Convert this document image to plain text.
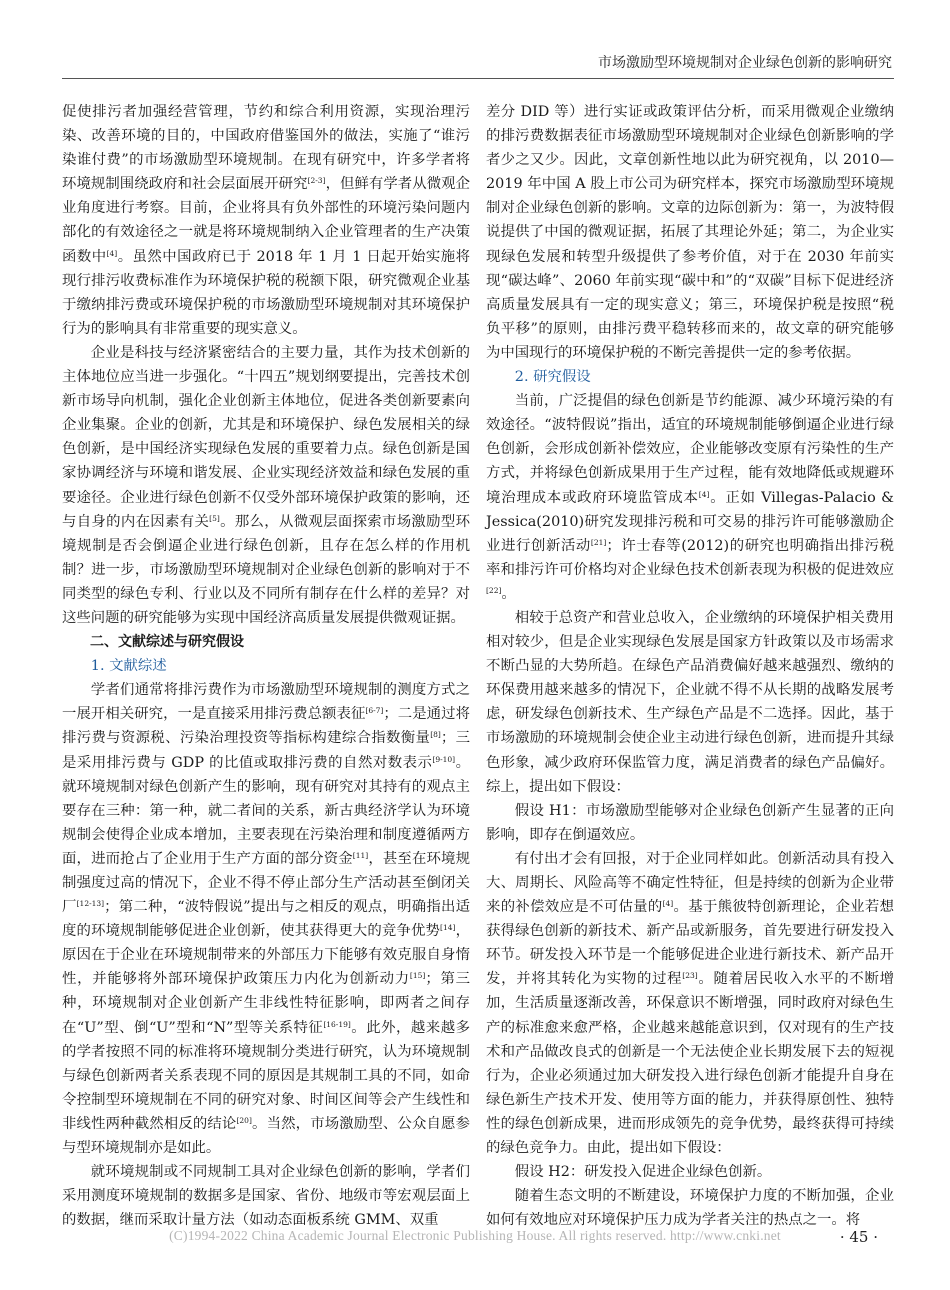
市场激励型环境规制对企业绿色创新的影响研究

促使排污者加强经营管理，节约和综合利用资源，实现治理污染、改善环境的目的，中国政府借鉴国外的做法，实施了“谁污染谁付费”的市场激励型环境规制。在现有研究中，许多学者将环境规制围绕政府和社会层面展开研究[2-3]，但鲜有学者从微观企业角度进行考察。目前，企业将具有负外部性的环境污染问题内部化的有效途径之一就是将环境规制纳入企业管理者的生产决策函数中[4]。虽然中国政府已于 2018 年 1 月 1 日起开始实施将现行排污收费标准作为环境保护税的税额下限，研究微观企业基于缴纳排污费或环境保护税的市场激励型环境规制对其环境保护行为的影响具有非常重要的现实意义。

企业是科技与经济紧密结合的主要力量，其作为技术创新的主体地位应当进一步强化。“十四五”规划纲要提出，完善技术创新市场导向机制，强化企业创新主体地位，促进各类创新要素向企业集聚。企业的创新，尤其是和环境保护、绿色发展相关的绿色创新，是中国经济实现绿色发展的重要着力点。绿色创新是国家协调经济与环境和谐发展、企业实现经济效益和绿色发展的重要途径。企业进行绿色创新不仅受外部环境保护政策的影响，还与自身的内在因素有关[5]。那么，从微观层面探索市场激励型环境规制是否会倒逼企业进行绿色创新，且存在怎么样的作用机制？进一步，市场激励型环境规制对企业绿色创新的影响对于不同类型的绿色专利、行业以及不同所有制存在什么样的差异？对这些问题的研究能够为实现中国经济高质量发展提供微观证据。

二、文献综述与研究假设

1. 文献综述

学者们通常将排污费作为市场激励型环境规制的测度方式之一展开相关研究，一是直接采用排污费总额表征[6-7]；二是通过将排污费与资源税、污染治理投资等指标构建综合指数衡量[8]；三是采用排污费与 GDP 的比值或取排污费的自然对数表示[9-10]。就环境规制对绿色创新产生的影响，现有研究对其持有的观点主要存在三种：第一种，就二者间的关系，新古典经济学认为环境规制会使得企业成本增加，主要表现在污染治理和制度遵循两方面，进而抢占了企业用于生产方面的部分资金[11]，甚至在环境规制强度过高的情况下，企业不得不停止部分生产活动甚至倒闭关厂[12-13]；第二种，“波特假说”提出与之相反的观点，明确指出适度的环境规制能够促进企业创新，使其获得更大的竞争优势[14]，原因在于企业在环境规制带来的外部压力下能够有效克服自身惰性，并能够将外部环境保护政策压力内化为创新动力[15]；第三种，环境规制对企业创新产生非线性特征影响，即两者之间存在“U”型、倒“U”型和“N”型等关系特征[16-19]。此外，越来越多的学者按照不同的标准将环境规制分类进行研究，认为环境规制与绿色创新两者关系表现不同的原因是其规制工具的不同，如命令控制型环境规制在不同的研究对象、时间区间等会产生线性和非线性两种截然相反的结论[20]。当然，市场激励型、公众自愿参与型环境规制亦是如此。

就环境规制或不同规制工具对企业绿色创新的影响，学者们采用测度环境规制的数据多是国家、省份、地级市等宏观层面上的数据，继而采取计量方法（如动态面板系统 GMM、双重

差分 DID 等）进行实证或政策评估分析，而采用微观企业缴纳的排污费数据表征市场激励型环境规制对企业绿色创新影响的学者少之又少。因此，文章创新性地以此为研究视角，以 2010—2019 年中国 A 股上市公司为研究样本，探究市场激励型环境规制对企业绿色创新的影响。文章的边际创新为：第一，为波特假说提供了中国的微观证据，拓展了其理论外延；第二，为企业实现绿色发展和转型升级提供了参考价值，对于在 2030 年前实现“碳达峰”、2060 年前实现“碳中和”的“双碳”目标下促进经济高质量发展具有一定的现实意义；第三，环境保护税是按照“税负平移”的原则，由排污费平稳转移而来的，故文章的研究能够为中国现行的环境保护税的不断完善提供一定的参考依据。

2. 研究假设

当前，广泛提倡的绿色创新是节约能源、减少环境污染的有效途径。“波特假说”指出，适宜的环境规制能够倒逼企业进行绿色创新，会形成创新补偿效应，企业能够改变原有污染性的生产方式，并将绿色创新成果用于生产过程，能有效地降低或规避环境治理成本或政府环境监管成本[4]。正如 Villegas-Palacio & Jessica(2010)研究发现排污税和可交易的排污许可能够激励企业进行创新活动[21]；许士春等(2012)的研究也明确指出排污税率和排污许可价格均对企业绿色技术创新表现为积极的促进效应[22]。

相较于总资产和营业总收入，企业缴纳的环境保护相关费用相对较少，但是企业实现绿色发展是国家方针政策以及市场需求不断凸显的大势所趋。在绿色产品消费偏好越来越强烈、缴纳的环保费用越来越多的情况下，企业就不得不从长期的战略发展考虑，研发绿色创新技术、生产绿色产品是不二选择。因此，基于市场激励的环境规制会使企业主动进行绿色创新，进而提升其绿色形象，减少政府环保监管力度，满足消费者的绿色产品偏好。综上，提出如下假设：

假设 H1：市场激励型能够对企业绿色创新产生显著的正向影响，即存在倒逼效应。

有付出才会有回报，对于企业同样如此。创新活动具有投入大、周期长、风险高等不确定性特征，但是持续的创新为企业带来的补偿效应是不可估量的[4]。基于熊彼特创新理论，企业若想获得绿色创新的新技术、新产品或新服务，首先要进行研发投入环节。研发投入环节是一个能够促进企业进行新技术、新产品开发，并将其转化为实物的过程[23]。随着居民收入水平的不断增加，生活质量逐渐改善，环保意识不断增强，同时政府对绿色生产的标准愈来愈严格，企业越来越能意识到，仅对现有的生产技术和产品做改良式的创新是一个无法使企业长期发展下去的短视行为，企业必须通过加大研发投入进行绿色创新才能提升自身在绿色新生产技术开发、使用等方面的能力，并获得原创性、独特性的绿色创新成果，进而形成领先的竞争优势，最终获得可持续的绿色竞争力。由此，提出如下假设：

假设 H2：研发投入促进企业绿色创新。

随着生态文明的不断建设，环境保护力度的不断加强，企业如何有效地应对环境保护压力成为学者关注的热点之一。将

(C)1994-2022 China Academic Journal Electronic Publishing House. All rights reserved. http://www.cnki.net	· 45 ·
